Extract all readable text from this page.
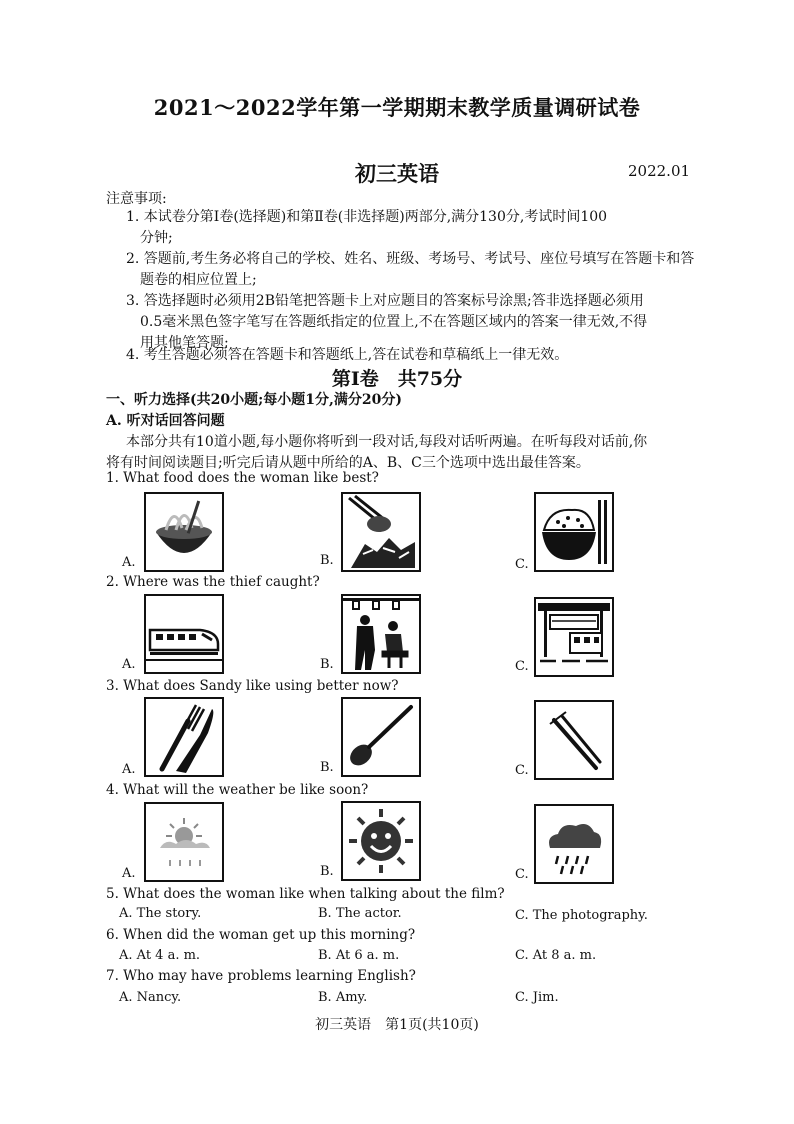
2021～2022学年第一学期期末教学质量调研试卷
初三英语	2022.01
注意事项:
1. 本试卷分第Ⅰ卷(选择题)和第Ⅱ卷(非选择题)两部分,满分130分,考试时间100
分钟;
2. 答题前,考生务必将自己的学校、姓名、班级、考场号、考试号、座位号填写在答题卡和答
题卷的相应位置上;
3. 答选择题时必须用2B铅笔把答题卡上对应题目的答案标号涂黑;答非选择题必须用
0.5毫米黑色签字笔写在答题纸指定的位置上,不在答题区域内的答案一律无效,不得
用其他笔答题;
4. 考生答题必须答在答题卡和答题纸上,答在试卷和草稿纸上一律无效。
第Ⅰ卷　共75分
一、听力选择(共20小题;每小题1分,满分20分)
A. 听对话回答问题
本部分共有10道小题,每小题你将听到一段对话,每段对话听两遍。在听每段对话前,你
将有时间阅读题目;听完后请从题中所给的A、B、C三个选项中选出最佳答案。
1. What food does the woman like best?
A.	B.	C.
2. Where was the thief caught?
A.	B.	C.
3. What does Sandy like using better now?
A.	B.	C.
4. What will the weather be like soon?
A.	B.	C.
5. What does the woman like when talking about the film?
A. The story.	B. The actor.	C. The photography.
6. When did the woman get up this morning?
A. At 4 a. m.	B. At 6 a. m.	C. At 8 a. m.
7. Who may have problems learning English?
A. Nancy.	B. Amy.	C. Jim.
初三英语　第1页(共10页)
